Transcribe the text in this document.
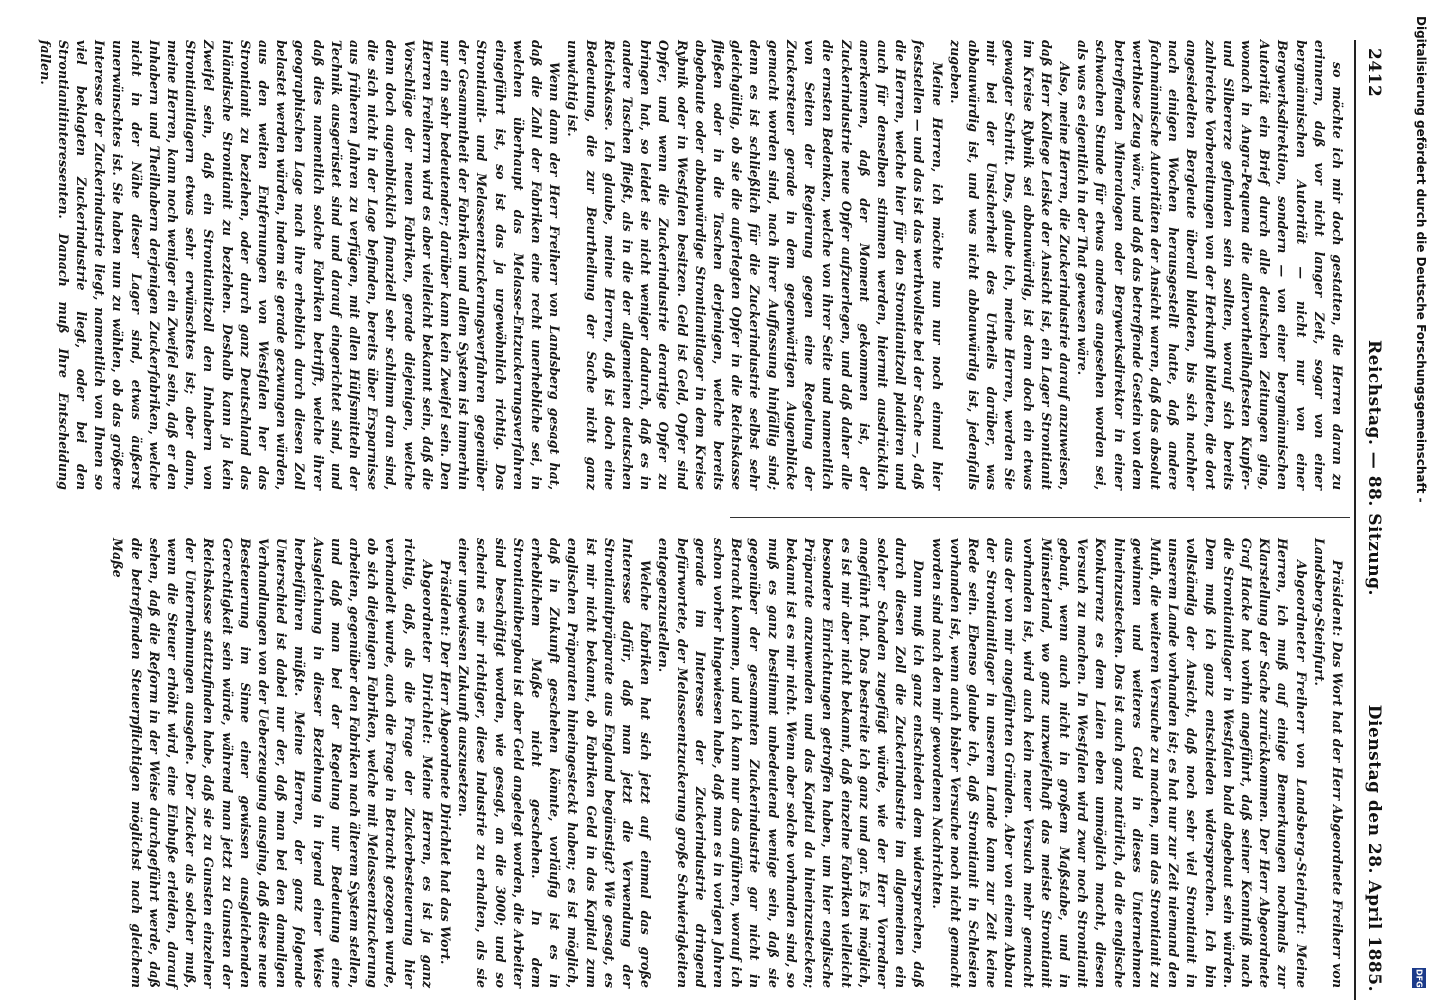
2412
Reichstag. — 88. Sitzung.
Dienstag den 28. April 1885.

so möchte ich mir doch gestatten, die Herren daran zu erinnern, daß vor nicht langer Zeit, sogar von einer bergmännischen Autorität — nicht nur von einer Bergwerksdirektion, sondern — von einer bergmännischen Autorität ein Brief durch alle deutschen Zeitungen ging, wonach in Angra-Pequena die allervortheilhaftesten Kupfer- und Silbererze gefunden sein sollten, worauf sich bereits zahlreiche Vorbereitungen von der Herkunft bildeten, die dort angesiedelten Bergleute überall bildeten, bis sich nachher nach einigen Wochen herausgestellt hatte, daß andere fachmännische Autoritäten der Ansicht waren, daß das absolut werthlose Zeug wäre, und daß das betreffende Gestein von dem betreffenden Mineralogen oder Bergwerksdirektor in einer schwachen Stunde für etwas anderes angesehen worden sei, als was es eigentlich in der That gewesen wäre.

Also, meine Herren, die Zuckerindustrie darauf anzuweisen, daß Herr Kollege Leiske der Ansicht ist, ein Lager Strontianit im Kreise Rybnik sei abbauwürdig, ist denn doch ein etwas gewagter Schritt. Das, glaube ich, meine Herren, werden Sie mir bei der Unsicherheit des Urtheils darüber, was abbauwürdig ist, und was nicht abbauwürdig ist, jedenfalls zugeben.

Meine Herren, ich möchte nun nur noch einmal hier feststellen — und das ist das werthvollste bei der Sache —, daß die Herren, welche hier für den Strontianitzoll plaidiren und auch für denselben stimmen werden, hiermit ausdrücklich anerkennen, daß der Moment gekommen ist, der Zuckerindustrie neue Opfer aufzuerlegen, und daß daher alle die ernsten Bedenken, welche von ihrer Seite und namentlich von Seiten der Regierung gegen eine Regelung der Zuckersteuer gerade in dem gegenwärtigen Augenblicke gemacht worden sind, nach ihrer Auffassung hinfällig sind; denn es ist schließlich für die Zuckerindustrie selbst sehr gleichgültig, ob sie die auferlegten Opfer in die Reichskasse fließen oder in die Taschen derjenigen, welche bereits abgebaute oder abbauwürdige Strontianitlager in dem Kreise Rybnik oder in Westfalen besitzen. Geld ist Geld, Opfer sind Opfer, und wenn die Zuckerindustrie derartige Opfer zu bringen hat, so leidet sie nicht weniger dadurch, daß es in andere Taschen fließt, als in die der allgemeinen deutschen Reichskasse. Ich glaube, meine Herren, daß ist doch eine Bedeutung, die zur Beurtheilung der Sache nicht ganz unwichtig ist.

Wenn dann der Herr Freiherr von Landsberg gesagt hat, daß die Zahl der Fabriken eine recht unerhebliche sei, in welchen überhaupt das Melasse-Entzuckerungsverfahren eingeführt ist, so ist das ja urgewöhnlich richtig. Das Strontianit- und Melasseentzuckerungsverfahren gegenüber der Gesammtheit der Fabriken und allem System ist immerhin nur ein sehr bedeutender; darüber kann kein Zweifel sein. Den Herren Freiherrn wird es aber vielleicht bekannt sein, daß die Vorschläge der neuen Fabriken, gerade diejenigen, welche denn doch augenblicklich finanziell sehr schlimm dran sind, die sich nicht in der Lage befinden, bereits über Ersparnisse aus früheren Jahren zu verfügen, mit allen Hülfsmitteln der Technik ausgerüstet sind und darauf eingerichtet sind, und daß dies namentlich solche Fabriken betrifft, welche ihrer geographischen Lage nach ihre erheblich durch diesen Zoll belastet werden würden, indem sie gerade gezwungen würden, aus den weiten Entfernungen von Westfalen her das Strontianit zu beziehen, oder durch ganz Deutschland das inländische Strontianit zu beziehen. Deshalb kann ja kein Zweifel sein, daß ein Strontianitzoll den Inhabern von Strontianitlagern etwas sehr erwünschtes ist; aber dann, meine Herren, kann noch weniger ein Zweifel sein, daß er den Inhabern und Theilhabern derjenigen Zuckerfabriken, welche nicht in der Nähe dieser Lager sind, etwas äußerst unerwünschtes ist. Sie haben nun zu wählen, ob das größere Interesse der Zuckerindustrie liegt, namentlich von Ihnen so viel beklagten Zuckerindustrie liegt, oder bei den Strontianitinteressenten. Danach muß Ihre Entscheidung fallen.

Präsident: Das Wort hat der Herr Abgeordnete Freiherr von Landsberg-Steinfurt.

Abgeordneter Freiherr von Landsberg-Steinfurt: Meine Herren, ich muß auf einige Bemerkungen nochmals zur Klarstellung der Sache zurückkommen. Der Herr Abgeordnete Graf Hacke hat vorhin angeführt, daß seiner Kenntniß nach die Strontianitlager in Westfalen bald abgebaut sein würden. Dem muß ich ganz entschieden widersprechen. Ich bin vollständig der Ansicht, daß noch sehr viel Strontianit in unserem Lande vorhanden ist; es hat nur zur Zeit niemand den Muth, die weiteren Versuche zu machen, um das Strontianit zu gewinnen und weiteres Geld in dieses Unternehmen hineinzustecken. Das ist auch ganz natürlich, da die englische Konkurrenz es dem Laien eben unmöglich macht, diesen Versuch zu machen. In Westfalen wird zwar noch Strontianit gebaut, wenn auch nicht in großem Maßstabe, und in Münsterland, wo ganz unzweifelhaft das meiste Strontianit vorhanden ist, wird auch kein neuer Versuch mehr gemacht aus der von mir angeführten Gründen. Aber von einem Abbau der Strontianitlager in unserem Lande kann zur Zeit keine Rede sein. Ebenso glaube ich, daß Strontianit in Schlesien vorhanden ist, wenn auch bisher Versuche noch nicht gemacht worden sind nach den mir gewordenen Nachrichten.

Dann muß ich ganz entschieden dem widersprechen, daß durch diesen Zoll die Zuckerindustrie im allgemeinen ein solcher Schaden zugefügt würde, wie der Herr Vorredner angeführt hat. Das bestreite ich ganz und gar. Es ist möglich, es ist mir aber nicht bekannt, daß einzelne Fabriken vielleicht besondere Einrichtungen getroffen haben, um hier englische Präparate anzuwenden und das Kapital da hineinzustecken; bekannt ist es mir nicht. Wenn aber solche vorhanden sind, so muß es ganz bestimmt unbedeutend wenige sein, daß sie gegenüber der gesammten Zuckerindustrie gar nicht in Betracht kommen, und ich kann nur das anführen, worauf ich schon vorher hingewiesen habe, daß man es in vorigen Jahren gerade im Interesse der Zuckerindustrie dringend befürwortete, der Melasseentzuckerung große Schwierigkeiten entgegenzustellen.

Welche Fabriken hat sich jetzt auf einmal das große Interesse dafür, daß man jetzt die Verwendung der Strontianitpräparate aus England begünstigt? Wie gesagt, es ist mir nicht bekannt, ob Fabriken Geld in das Kapital zum englischen Präparaten hineingesteckt haben; es ist möglich, daß in Zukunft geschehen könnte, vorläufig ist es in erheblichem Maße nicht geschehen. In dem Strontianitbergbau ist aber Geld angelegt worden, die Arbeiter sind beschäftigt worden, wie gesagt, an die 3000; und so scheint es mir richtiger, diese Industrie zu erhalten, als sie einer ungewissen Zukunft auszusetzen.

Präsident: Der Herr Abgeordnete Dirichlet hat das Wort.

Abgeordneter Dirichlet: Meine Herren, es ist ja ganz richtig, daß, als die Frage der Zuckerbesteuerung hier verhandelt wurde, auch die Frage in Betracht gezogen wurde, ob sich diejenigen Fabriken, welche mit Melasseentzuckerung arbeiten, gegenüber den Fabriken nach älterem System stellen, und daß man bei der Regelung nur Bedeutung eine Ausgleichung in dieser Beziehung in irgend einer Weise herbeiführen müßte. Meine Herren, der ganz folgende Unterschied ist dabei nur der, daß man bei den damaligen Verhandlungen von der Ueberzeugung ausging, daß diese neue Besteuerung im Sinne einer gewissen ausgleichenden Gerechtigkeit sein würde, während man jetzt zu Gunsten der Reichskasse stattzufinden habe, daß sie zu Gunsten einzelner der Unternehmungen ausgehe. Der Zucker als solcher muß, wenn die Steuer erhöht wird, eine Einbuße erleiden, darauf sehen, daß die Reform in der Weise durchgeführt werde, daß die betreffenden Steuerpflichtigen möglichst nach gleichem Maße

Digitalisierung gefördert durch die Deutsche Forschungsgemeinschaft -
DFG
